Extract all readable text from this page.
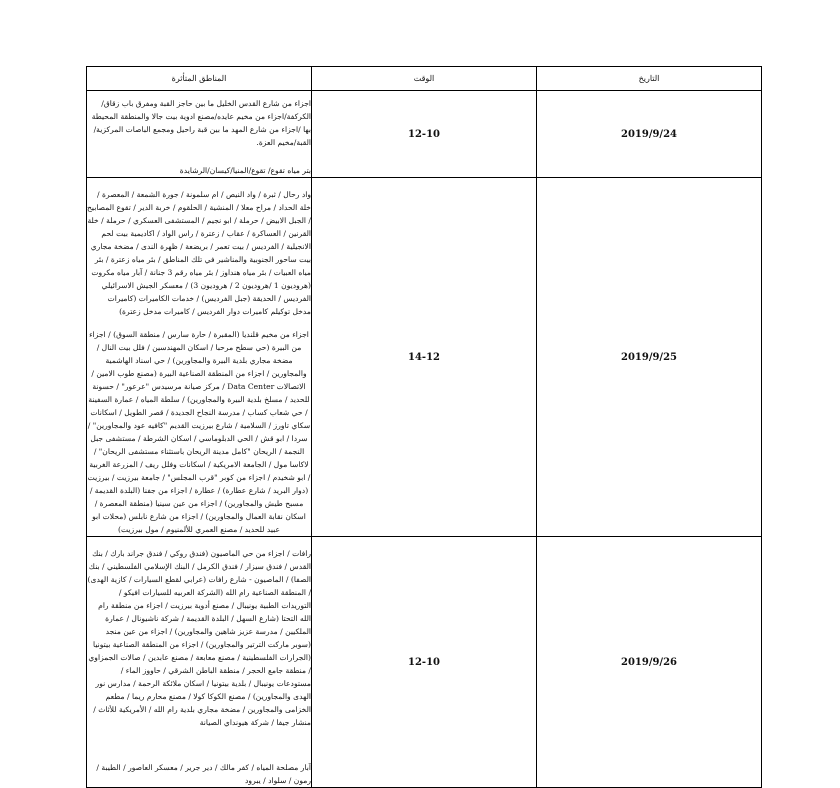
التاريخ	الوقت	المناطق المتأثرة
2019/9/24	12-10	اجزاء من شارع القدس الخليل ما بين حاجز القبة ومفرق باب زقاق/الكركفة/اجزاء من مخيم عايده/مصنع ادوية بيت جالا والمنطقة المحيطة بها /اجزاء من شارع المهد ما بين قبة راحيل ومجمع الباصات المركزية/القبة/مخيم العزة.

بتر مياه تقوع/ تقوع/المنيا/كيسان/الرشايدة

2019/9/25	14-12	واد رحال / ثبرة / واد النيص / ام سلمونة / جورة الشمعة / المعصرة / خلة الحداد / مراح معلا / المنشية / الحلقوم / خربة الدير / تقوع المصابيح / الجبل الابيض / حرملة / ابو نجيم / المستشفى العسكري / حرملة / خلة القرنين / العساكرة / عقاب / زعترة / راس الواد / اكاديمية بيت لحم الانجيلية / الفرديس / بيت تعمر / بريضعة / ظهرة الندى / مضخة مجاري بيت ساحور الجنوبية والمناشير في تلك المناطق / بئر مياه زعترة / بئر مياه العبيات / بئر مياه هنداوز / بئر مياه رقم 3 جنانة / آبار مياه مكروت (هروديون 1 /هروديون 2 / هروديون 3) / معسكر الجيش الاسرائيلي الفرديس / الحديقة (جبل الفرديس) / خدمات الكاميرات (كاميرات مدخل توكيلم كاميرات دوار الفرديس / كاميرات مدخل زعترة)

اجزاء من مخيم قلنديا (المقبرة / حارة سارس / منطقة السوق) / اجزاء من البيرة (حي سطح مرحبا / اسكان المهندسين / فلل بيت النال / مضخة مجاري بلدية البيرة والمجاورين) / حي اسناد الهاشمية والمجاورين / اجزاء من المنطقة الصناعية البيرة (مصنع طوب الامين / الاتصالات Data Center / مركز صيانة مرسيدس "عرعور" / حسونة للحديد / مسلخ بلدية البيرة والمجاورين) / سلطة المياه / عمارة السفينة / حي شعاب كساب / مدرسة النجاح الجديدة / قصر الطويل / اسكانات سكاي تاورز / السلامية / شارع بيرزيت القديم "كافيه عود والمجاورين" / سردا / ابو قش / الحي الدبلوماسي / اسكان الشرطة / مستشفى جبل النجمة / الريحان "كامل مدينة الريحان باستثناء مستشفى الريحان" / لاكاسا مول / الجامعة الامريكية / اسكانات وفلل ريف / المزرعة الغربية / ابو شخيدم / اجزاء من كوبر "قرب المجلس" / جامعة بيرزيت / بيرزيت (دوار البريد / شارع عطارة) / عطارة / اجزاء من جفنا (البلدة القديمة / مسبح طيش والمجاورين) / اجزاء من عين سينيا (منطقة المعصرة / اسكان نقابة العمال والمجاورين) / اجزاء من شارع نابلس (محلات ابو عبيد للحديد / مصنع العمري للألمنيوم / مول بيرزيت)

2019/9/26	12-10	رافات / اجزاء من حي الماصيون (فندق روكي / فندق جراند بارك / بنك القدس / فندق سيزار / فندق الكرمل / البنك الإسلامي الفلسطيني / بنك الصفا) / الماصيون - شارع رافات (عرابي لقطع السيارات / كازية الهدى) / المنطقة الصناعية رام الله (الشركة العربيه للسيارات افيكو / التوريدات الطبية يونيبال / مصنع أدوية بيرزيت / اجزاء من منطقة رام الله التحتا (شارع السهل / البلدة القديمة / شركة ناشيونال / عمارة الملكيين / مدرسة عزيز شاهين والمجاورين) / اجزاء من عين منجد (سوبر ماركت الترتير والمجاورين) / اجزاء من المنطقة الصناعية بيتونيا (الجرارات الفلسطينية / مصنع معابعة / مصنع عابدين / صالات الجمزاوي / منطقة جامع الحجر / منطقة الباطن الشرقي / حاووز الماء / مستودعات يونيبال / بلدية بيتونيا / اسكان ملائكة الرحمة / مدارس نور الهدى والمجاورين) / مصنع الكوكا كولا / مصنع محارم ريما / مطعم الخزامى والمجاورين / مضخة مجاري بلدية رام الله / الأمريكية للأثاث / منشار جيفا / شركة هيونداي الصيانة

آبار مصلحة المياه / كفر مالك / دير جرير / معسكر العاصور / الطيبة / رمون / سلواد / يبرود
